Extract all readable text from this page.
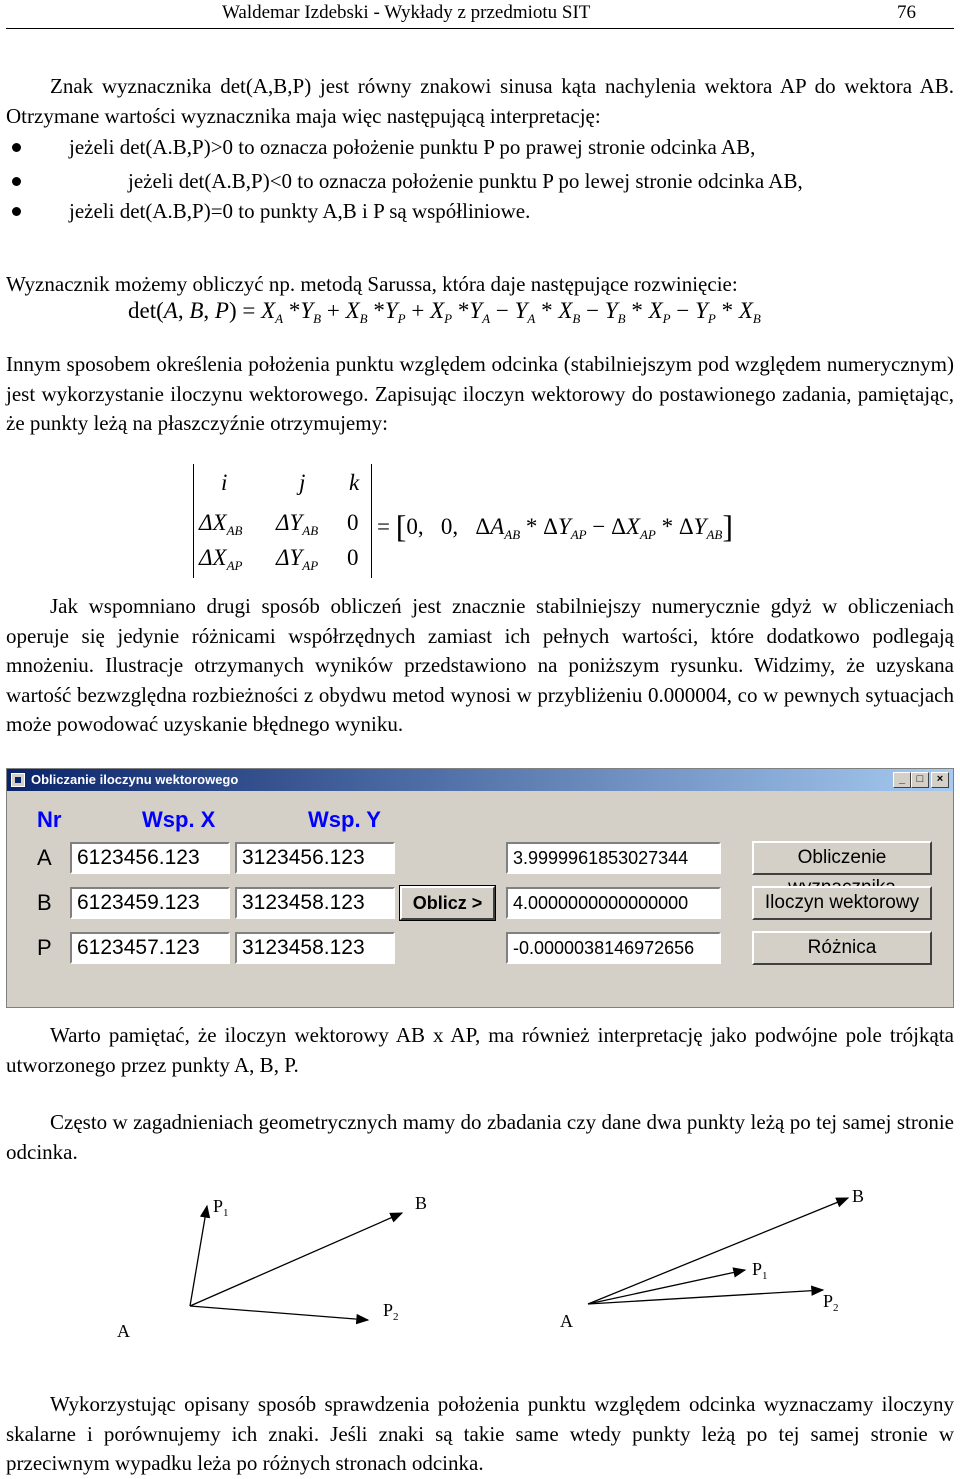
Waldemar Izdebski - Wykłady z przedmiotu SIT	76
Znak wyznacznika det(A,B,P) jest równy znakowi sinusa kąta nachylenia wektora AP do wektora AB. Otrzymane wartości wyznacznika maja więc następującą interpretację:
jeżeli det(A.B,P)>0 to oznacza położenie punktu P po prawej stronie odcinka AB,
jeżeli det(A.B,P)<0 to oznacza położenie punktu P po lewej stronie odcinka AB,
jeżeli det(A.B,P)=0 to punkty A,B i P są współliniowe.
Wyznacznik możemy obliczyć np. metodą Sarussa, która daje następujące rozwinięcie:
det(A, B, $P) = X_A$ $*Y_B + X_B$ $*Y_P + X_P$ $*Y_A - Y_A * X_B - Y_B * X_P - Y_P * X_B$
Innym sposobem określenia położenia punktu względem odcinka (stabilniejszym pod względem numerycznym) jest wykorzystanie iloczynu wektorowego. Zapisując iloczyn wektorowy do postawionego zadania, pamiętając, że punkty leżą na płaszczyźnie otrzymujemy:
i	j k
$\Delta X_{AB}$ $\Delta Y_{AB}$ 0
$\Delta X_{AP}$ $\Delta Y_{AP}$ 0
= [0,   0,   $\Delta A_{AB} * \Delta Y_{AP} - \Delta X_{AP} * \Delta Y_{AB}$]
Jak wspomniano drugi sposób obliczeń jest znacznie stabilniejszy numerycznie gdyż w obliczeniach operuje się jedynie różnicami współrzędnych zamiast ich pełnych wartości, które dodatkowo podlegają mnożeniu. Ilustracje otrzymanych wyników przedstawiono na poniższym rysunku. Widzimy, że uzyskana wartość bezwzględna rozbieżności z obydwu metod wynosi w przybliżeniu 0.000004, co w pewnych sytuacjach może powodować uzyskanie błędnego wyniku.
Obliczanie iloczynu wektorowego	_	□	×
Nr	Wsp. X	Wsp. Y
A	6123456.123	3123456.123	3.9999961853027344	Obliczenie
B	6123459.123	3123458.123	Oblicz >	4.0000000000000000	Iloczyn wektorowy
P	6123457.123	3123458.123	-0.0000038146972656	Różnica
Warto pamiętać, że iloczyn wektorowy AB x AP, ma również interpretację jako podwójne pole trójkąta utworzonego przez punkty A, B, P.
Często w zagadnieniach geometrycznych mamy do zbadania czy dane dwa punkty leżą po tej samej stronie odcinka.
A
B
$P_1$
$P_2$	A
B
$P_1$
$P_2$
Wykorzystując opisany sposób sprawdzenia położenia punktu względem odcinka wyznaczamy iloczyny skalarne i porównujemy ich znaki. Jeśli znaki są takie same wtedy punkty leżą po tej samej stronie w przeciwnym wypadku leża po różnych stronach odcinka.
